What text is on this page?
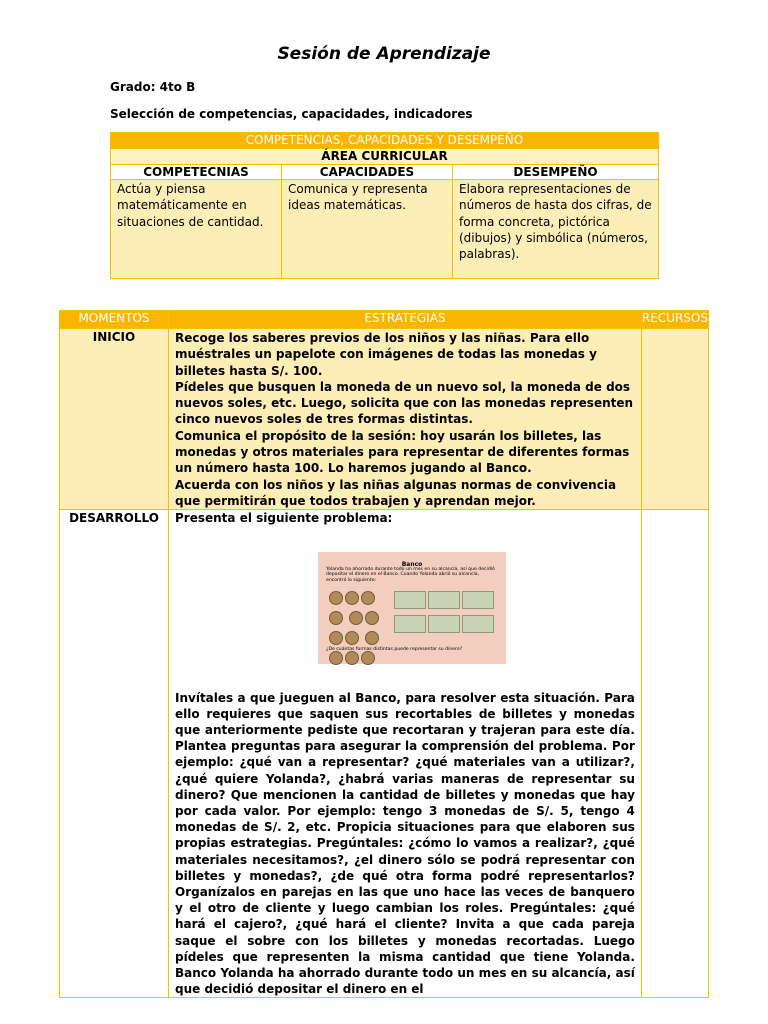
Sesión de Aprendizaje
Grado: 4to B
Selección de competencias, capacidades, indicadores
COMPETENCIAS, CAPACIDADES Y DESEMPEÑO		
ÁREA CURRICULAR		
COMPETECNIAS	CAPACIDADES	DESEMPEÑO
Actúa y piensa matemáticamente en situaciones de cantidad.	Comunica y representa ideas matemáticas.	Elabora representaciones de números de hasta dos cifras, de forma concreta, pictórica (dibujos) y simbólica (números, palabras).
MOMENTOS	ESTRATEGIAS	RECURSOS
INICIO	Recoge los saberes previos de los niños y las niñas. Para ello muéstrales un papelote con imágenes de todas las monedas y billetes hasta S/. 100.
Pídeles que busquen la moneda de un nuevo sol, la moneda de dos nuevos soles, etc. Luego, solicita que con las monedas representen cinco nuevos soles de tres formas distintas.
Comunica el propósito de la sesión: hoy usarán los billetes, las monedas y otros materiales para representar de diferentes formas un número hasta 100. Lo haremos jugando al Banco.
Acuerda con los niños y las niñas algunas normas de convivencia que permitirán que todos trabajen y aprendan mejor.	

DESARROLLO	Presenta el siguiente problema:
Banco
Yolanda ha ahorrado durante todo un mes en su alcancía, así que decidió depositar el dinero en el Banco. Cuando Yolanda abrió su alcancía, encontró lo siguiente:

¿De cuántas formas distintas puede representar su dinero?
Invítales a que jueguen al Banco, para resolver esta situación. Para ello requieres que saquen sus recortables de billetes y monedas que anteriormente pediste que recortaran y trajeran para este día. Plantea preguntas para asegurar la comprensión del problema. Por ejemplo: ¿qué van a representar? ¿qué materiales van a utilizar?, ¿qué quiere Yolanda?, ¿habrá varias maneras de representar su dinero? Que mencionen la cantidad de billetes y monedas que hay por cada valor. Por ejemplo: tengo 3 monedas de S/. 5, tengo 4 monedas de S/. 2, etc. Propicia situaciones para que elaboren sus propias estrategias. Pregúntales: ¿cómo lo vamos a realizar?, ¿qué materiales necesitamos?, ¿el dinero sólo se podrá representar con billetes y monedas?, ¿de qué otra forma podré representarlos? Organízalos en parejas en las que uno hace las veces de banquero y el otro de cliente y luego cambian los roles. Pregúntales: ¿qué hará el cajero?, ¿qué hará el cliente? Invita a que cada pareja saque el sobre con los billetes y monedas recortadas. Luego pídeles que representen la misma cantidad que tiene Yolanda. Banco Yolanda ha ahorrado durante todo un mes en su alcancía, así que decidió depositar el dinero en el	
